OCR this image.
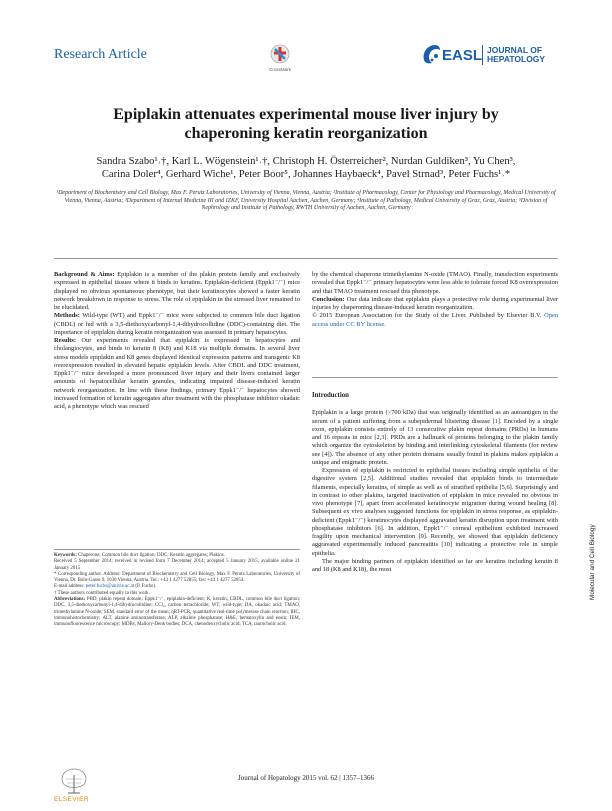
Research Article
CrossMark
EASL JOURNAL OF
HEPATOLOGY
Epiplakin attenuates experimental mouse liver injury by
chaperoning keratin reorganization
Sandra Szabo¹˒†, Karl L. Wögenstein¹˒†, Christoph H. Österreicher², Nurdan Guldiken³, Yu Chen³,
Carina Doler⁴, Gerhard Wiche¹, Peter Boor⁵, Johannes Haybaeck⁴, Pavel Strnad³, Peter Fuchs¹˒*
¹Department of Biochemistry and Cell Biology, Max F. Perutz Laboratories, University of Vienna, Vienna, Austria; ²Institute of Pharmacology, Center for Physiology and Pharmacology, Medical University of Vienna, Vienna, Austria; ³Department of Internal Medicine III and IZKF, University Hospital Aachen, Aachen, Germany; ⁴Institute of Pathology, Medical University of Graz, Graz, Austria; ⁵Division of Nephrology and Institute of Pathology, RWTH University of Aachen, Aachen, Germany

Background & Aims: Epiplakin is a member of the plakin protein family and exclusively expressed in epithelial tissues where it binds to keratins. Epiplakin-deficient (Eppk1⁻/⁻) mice displayed no obvious spontaneous phenotype, but their keratinocytes showed a faster keratin network breakdown in response to stress. The role of epiplakin in the stressed liver remained to be elucidated.

Methods: Wild-type (WT) and Eppk1⁻/⁻ mice were subjected to common bile duct ligation (CBDL) or fed with a 3,5-diethoxycarbonyl-1,4-dihydrocollidine (DDC)-containing diet. The importance of epiplakin during keratin reorganization was assessed in primary hepatocytes.

Results: Our experiments revealed that epiplakin is expressed in hepatocytes and cholangiocytes, and binds to keratin 8 (K8) and K18 via multiple domains. In several liver stress models epiplakin and K8 genes displayed identical expression patterns and transgenic K8 overexpression resulted in elevated hepatic epiplakin levels. After CBDL and DDC treatment, Eppk1⁻/⁻ mice developed a more pronounced liver injury and their livers contained larger amounts of hepatocellular keratin granules, indicating impaired disease-induced keratin network reorganization. In line with these findings, primary Eppk1⁻/⁻ hepatocytes showed increased formation of keratin aggregates after treatment with the phosphatase inhibitor okadaic acid, a phenotype which was rescued

Keywords: Chaperone; Common bile duct ligation; DDC; Keratin aggregates; Plakins.

Received 5 September 2014; received in revised form 7 December 2014; accepted 5 January 2015; available online 21 January 2015

* Corresponding author. Address: Department of Biochemistry and Cell Biology, Max F. Perutz Laboratories, University of Vienna, Dr. Bohr-Gasse 9, 1030 Vienna, Austria. Tel.: +43 1 4277 52855; fax: +43 1 4277 52854.

E-mail address: peter.fuchs@univie.ac.at (P. Fuchs).

† These authors contributed equally to this work.

Abbreviations: PBD, plakin repeat domain; Eppk1⁻/⁻, epiplakin-deficient; K, keratin; CBDL, common bile duct ligation; DDC, 3,5-diethoxycarbonyl-1,4-dihydrocollidine; CCl₄, carbon tetrachloride; WT, wild-type; DA, okadaic acid; TMAO, trimethylamine N-oxide; SEM, standard error of the mean; qRT-PCR, quantitative real-time polymerase chain reaction; IHC, immunohistochemistry; ALT, alanine aminotransferase; ALP, alkaline phosphatase; H&E, hematoxylin and eosin; IEM, immunofluorescence microscopy; MDBs, Mallory-Denk bodies; DCA, chenodeoxycholic acid; TCA, taurocholic acid.

by the chemical chaperone trimethylamine N-oxide (TMAO). Finally, transfection experiments revealed that Eppk1⁻/⁻ primary hepatocytes were less able to tolerate forced K8 overexpression and that TMAO treatment rescued this phenotype.

Conclusion: Our data indicate that epiplakin plays a protective role during experimental liver injuries by chaperoning disease-induced keratin reorganization.

© 2015 European Association for the Study of the Liver. Published by Elsevier B.V. Open access under CC BY license.

Introduction

Epiplakin is a large protein (>700 kDa) that was originally identified as an autoantigen in the serum of a patient suffering from a subepidermal blistering disease [1]. Encoded by a single exon, epiplakin consists entirely of 13 consecutive plakin repeat domains (PRDs) in humans and 16 repeats in mice [2,3]. PRDs are a hallmark of proteins belonging to the plakin family which organize the cytoskeleton by binding and interlinking cytoskeletal filaments (for review see [4]). The absence of any other protein domains usually found in plakins makes epiplakin a unique and enigmatic protein.

Expression of epiplakin is restricted to epithelial tissues including simple epithelia of the digestive system [2,5]. Additional studies revealed that epiplakin binds to intermediate filaments, especially keratins, of simple as well as of stratified epithelia [5,6]. Surprisingly and in contrast to other plakins, targeted inactivation of epiplakin in mice revealed no obvious in vivo phenotype [7], apart from accelerated keratinocyte migration during wound healing [8]. Subsequent ex vivo analyses suggested functions for epiplakin in stress response, as epiplakin-deficient (Eppk1⁻/⁻) keratinocytes displayed aggravated keratin disruption upon treatment with phosphatase inhibitors [6]. In addition, Eppk1⁻/⁻ corneal epithelium exhibited increased fragility upon mechanical intervention [9]. Recently, we showed that epiplakin deficiency aggravated experimentally induced pancreatitis [10] indicating a protective role in simple epithelia.

The major binding partners of epiplakin identified so far are keratins including keratin 8 and 18 (K8 and K18), the most	Molecular and Cell Biology
Journal of Hepatology 2015 vol. 62 | 1357–1366
ELSEVIER
